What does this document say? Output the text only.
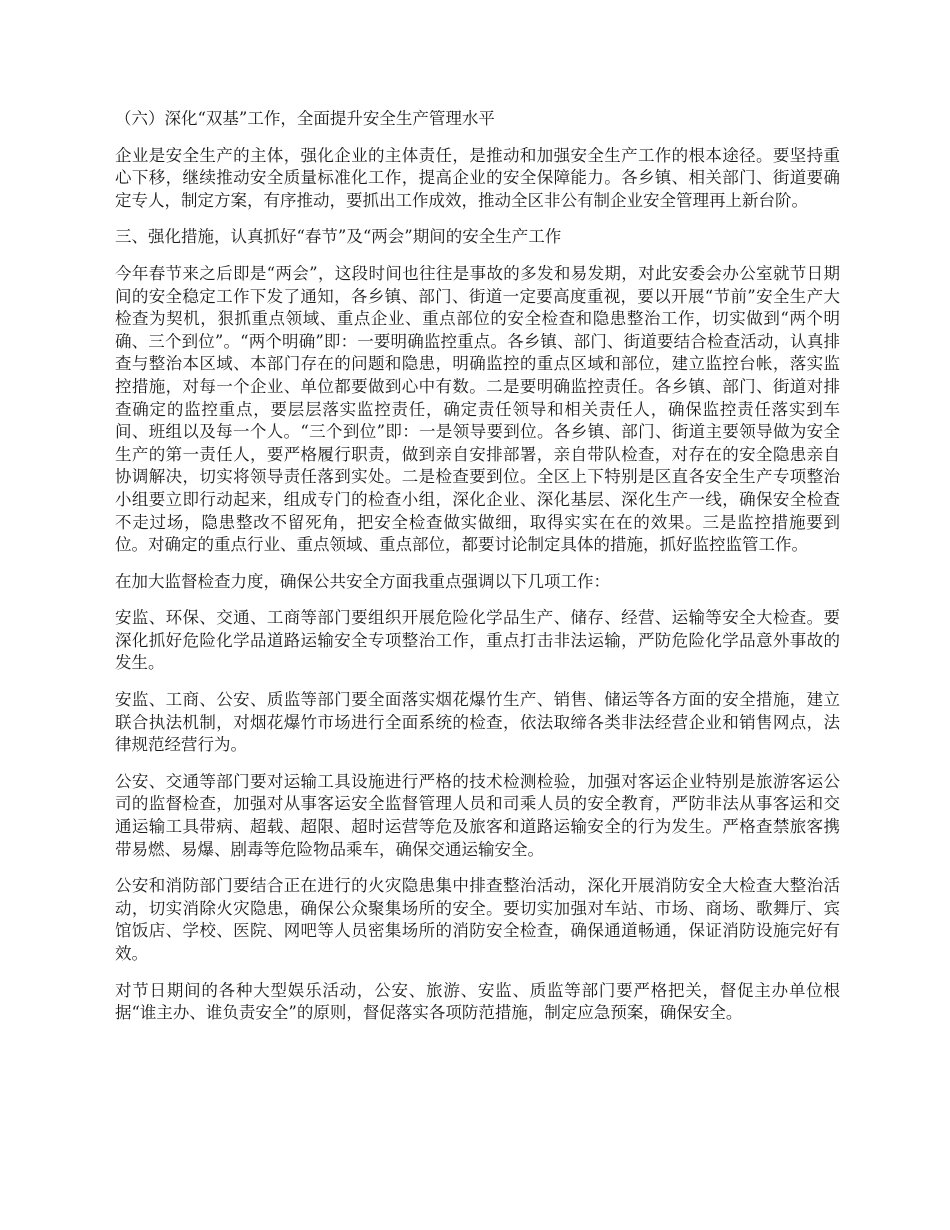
（六）深化“双基”工作，全面提升安全生产管理水平

企业是安全生产的主体，强化企业的主体责任，是推动和加强安全生产工作的根本途径。要坚持重心下移，继续推动安全质量标准化工作，提高企业的安全保障能力。各乡镇、相关部门、街道要确定专人，制定方案，有序推动，要抓出工作成效，推动全区非公有制企业安全管理再上新台阶。

三、强化措施，认真抓好“春节”及“两会”期间的安全生产工作

今年春节来之后即是“两会”，这段时间也往往是事故的多发和易发期，对此安委会办公室就节日期间的安全稳定工作下发了通知，各乡镇、部门、街道一定要高度重视，要以开展“节前”安全生产大检查为契机，狠抓重点领域、重点企业、重点部位的安全检查和隐患整治工作，切实做到“两个明确、三个到位”。“两个明确”即：一要明确监控重点。各乡镇、部门、街道要结合检查活动，认真排查与整治本区域、本部门存在的问题和隐患，明确监控的重点区域和部位，建立监控台帐，落实监控措施，对每一个企业、单位都要做到心中有数。二是要明确监控责任。各乡镇、部门、街道对排查确定的监控重点，要层层落实监控责任，确定责任领导和相关责任人，确保监控责任落实到车间、班组以及每一个人。“三个到位”即：一是领导要到位。各乡镇、部门、街道主要领导做为安全生产的第一责任人，要严格履行职责，做到亲自安排部署，亲自带队检查，对存在的安全隐患亲自协调解决，切实将领导责任落到实处。二是检查要到位。全区上下特别是区直各安全生产专项整治小组要立即行动起来，组成专门的检查小组，深化企业、深化基层、深化生产一线，确保安全检查不走过场，隐患整改不留死角，把安全检查做实做细，取得实实在在的效果。三是监控措施要到位。对确定的重点行业、重点领域、重点部位，都要讨论制定具体的措施，抓好监控监管工作。

在加大监督检查力度，确保公共安全方面我重点强调以下几项工作：

安监、环保、交通、工商等部门要组织开展危险化学品生产、储存、经营、运输等安全大检查。要深化抓好危险化学品道路运输安全专项整治工作，重点打击非法运输，严防危险化学品意外事故的发生。

安监、工商、公安、质监等部门要全面落实烟花爆竹生产、销售、储运等各方面的安全措施，建立联合执法机制，对烟花爆竹市场进行全面系统的检查，依法取缔各类非法经营企业和销售网点，法律规范经营行为。

公安、交通等部门要对运输工具设施进行严格的技术检测检验，加强对客运企业特别是旅游客运公司的监督检查，加强对从事客运安全监督管理人员和司乘人员的安全教育，严防非法从事客运和交通运输工具带病、超载、超限、超时运营等危及旅客和道路运输安全的行为发生。严格查禁旅客携带易燃、易爆、剧毒等危险物品乘车，确保交通运输安全。

公安和消防部门要结合正在进行的火灾隐患集中排查整治活动，深化开展消防安全大检查大整治活动，切实消除火灾隐患，确保公众聚集场所的安全。要切实加强对车站、市场、商场、歌舞厅、宾馆饭店、学校、医院、网吧等人员密集场所的消防安全检查，确保通道畅通，保证消防设施完好有效。

对节日期间的各种大型娱乐活动，公安、旅游、安监、质监等部门要严格把关，督促主办单位根据“谁主办、谁负责安全”的原则，督促落实各项防范措施，制定应急预案，确保安全。
